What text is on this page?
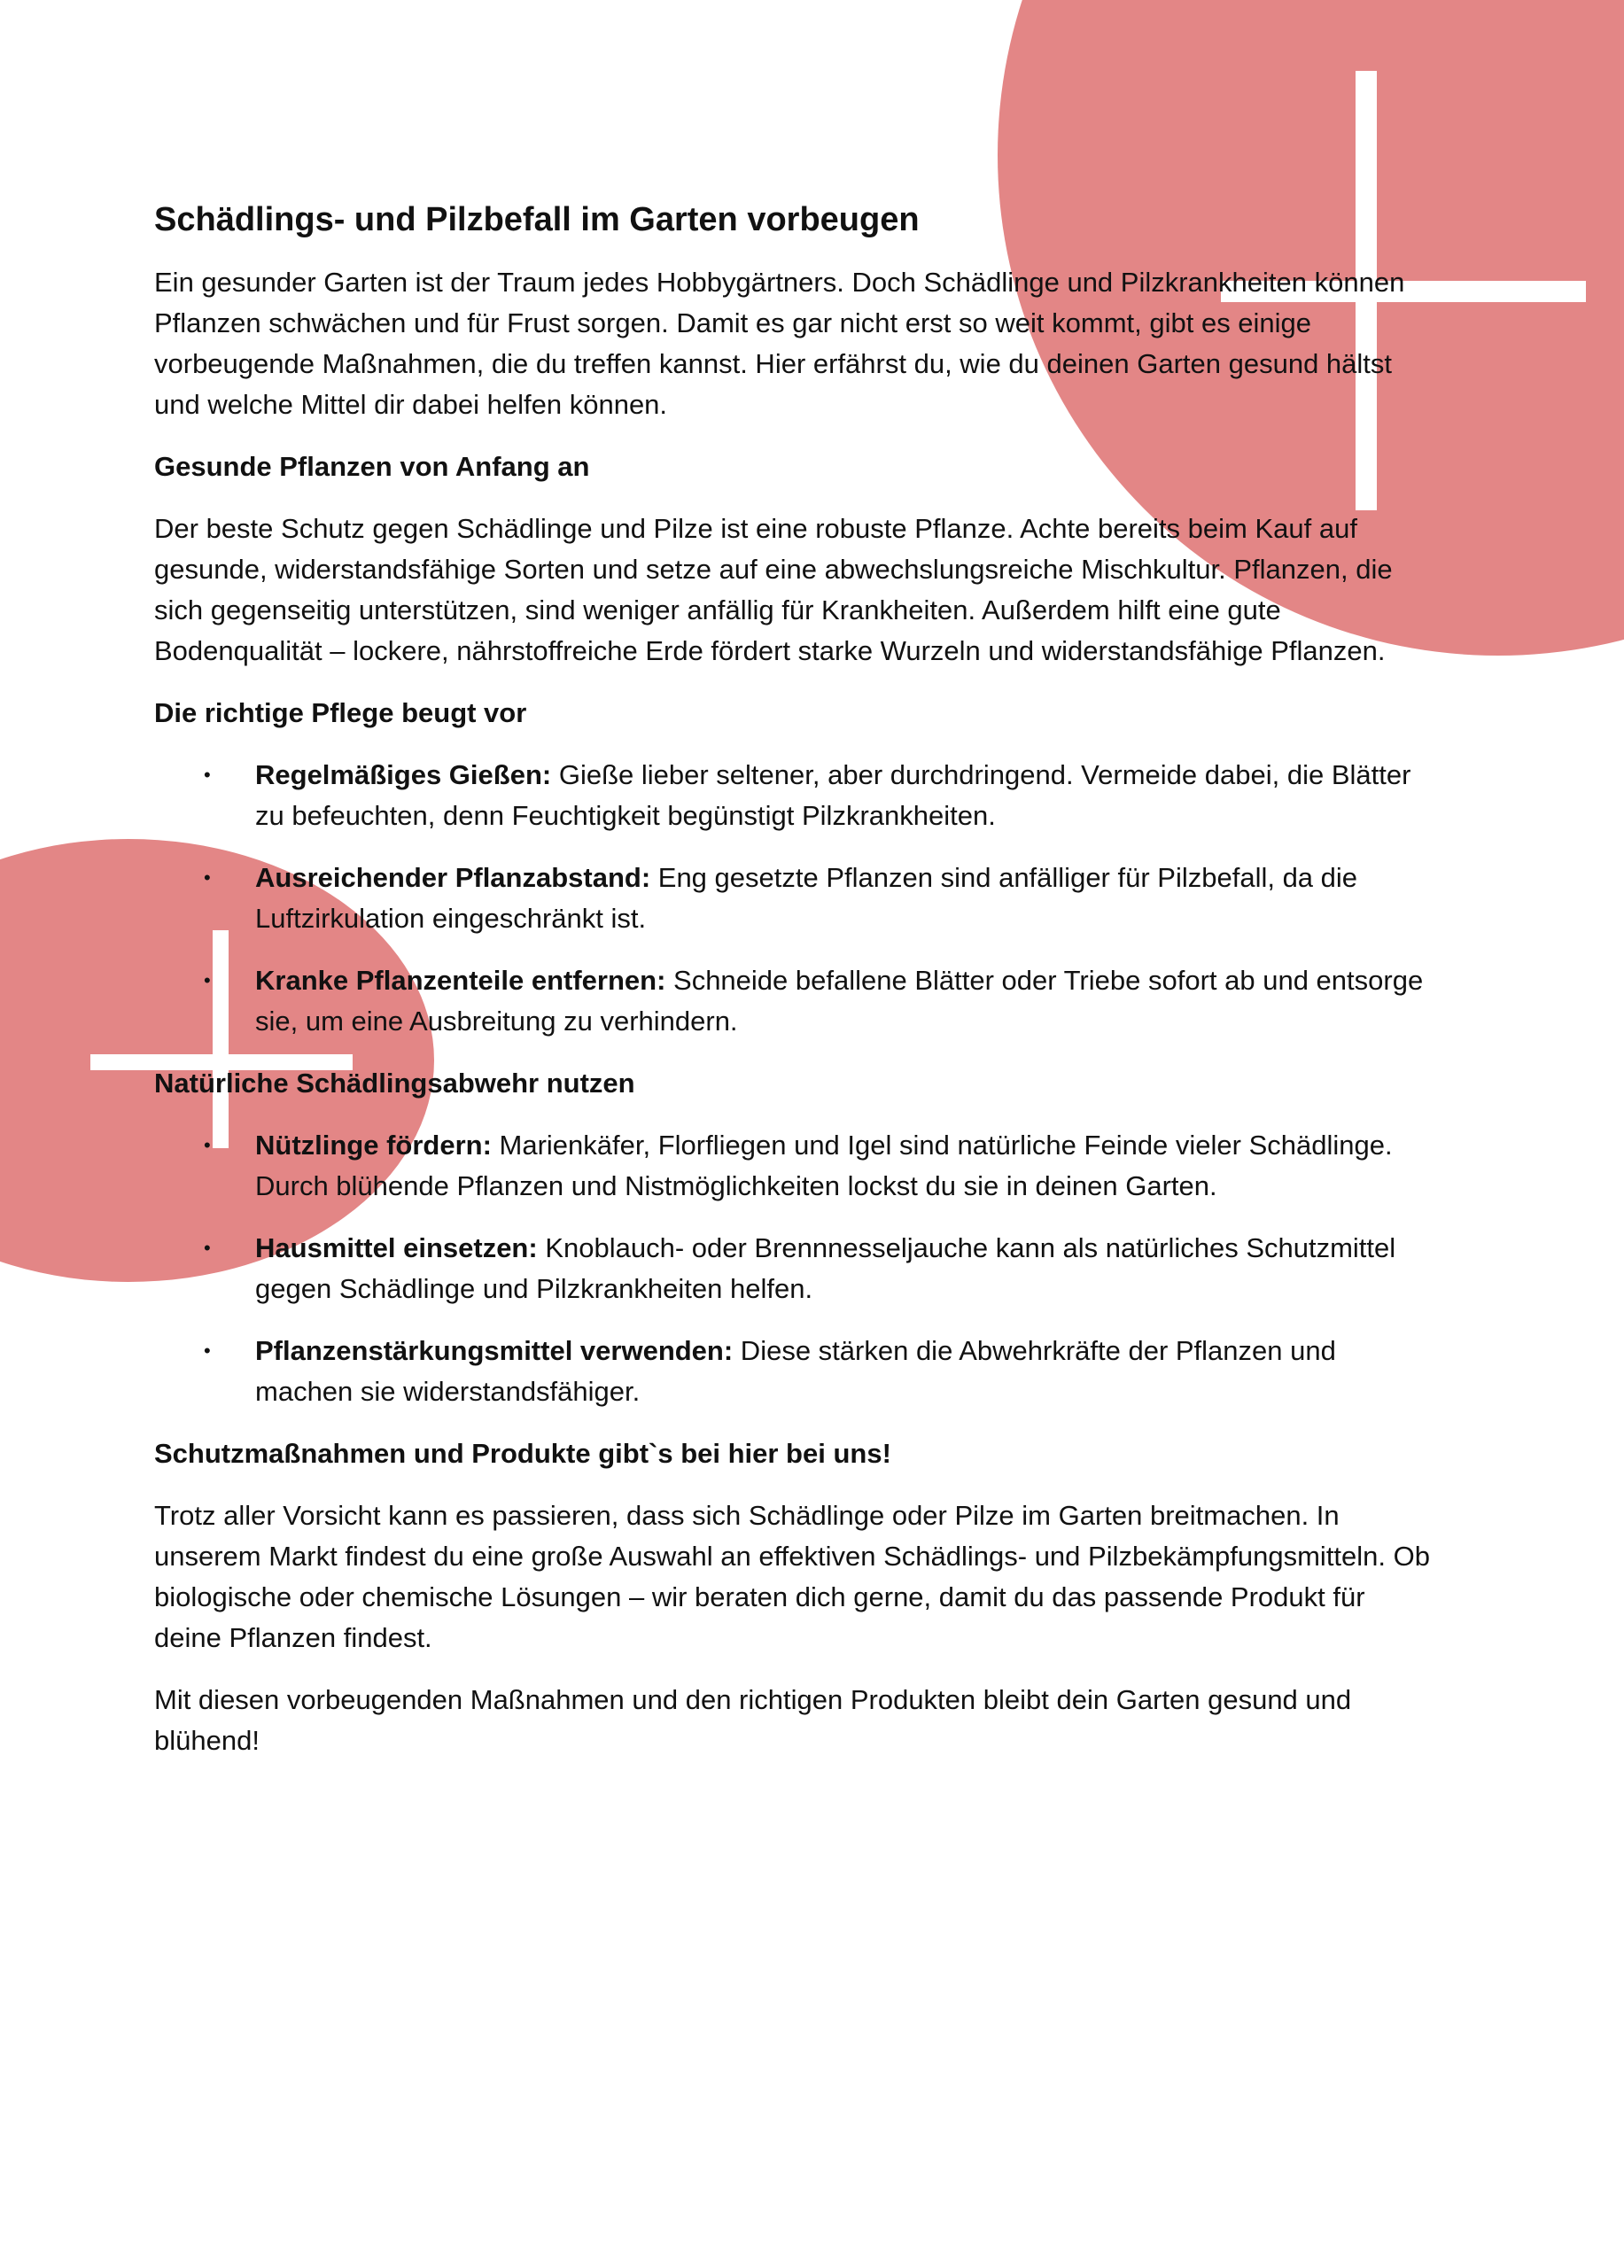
Schädlings- und Pilzbefall im Garten vorbeugen

Ein gesunder Garten ist der Traum jedes Hobbygärtners. Doch Schädlinge und Pilzkrankheiten können Pflanzen schwächen und für Frust sorgen. Damit es gar nicht erst so weit kommt, gibt es einige vorbeugende Maßnahmen, die du treffen kannst. Hier erfährst du, wie du deinen Garten gesund hältst und welche Mittel dir dabei helfen können.

Gesunde Pflanzen von Anfang an

Der beste Schutz gegen Schädlinge und Pilze ist eine robuste Pflanze. Achte bereits beim Kauf auf gesunde, widerstandsfähige Sorten und setze auf eine abwechslungsreiche Mischkultur. Pflanzen, die sich gegenseitig unterstützen, sind weniger anfällig für Krankheiten. Außerdem hilft eine gute Bodenqualität – lockere, nährstoffreiche Erde fördert starke Wurzeln und widerstandsfähige Pflanzen.

Die richtige Pflege beugt vor
• Regelmäßiges Gießen: Gieße lieber seltener, aber durchdringend. Vermeide dabei, die Blätter zu befeuchten, denn Feuchtigkeit begünstigt Pilzkrankheiten.
• Ausreichender Pflanzabstand: Eng gesetzte Pflanzen sind anfälliger für Pilzbefall, da die Luftzirkulation eingeschränkt ist.
• Kranke Pflanzenteile entfernen: Schneide befallene Blätter oder Triebe sofort ab und entsorge sie, um eine Ausbreitung zu verhindern.
Natürliche Schädlingsabwehr nutzen
• Nützlinge fördern: Marienkäfer, Florfliegen und Igel sind natürliche Feinde vieler Schädlinge. Durch blühende Pflanzen und Nistmöglichkeiten lockst du sie in deinen Garten.
• Hausmittel einsetzen: Knoblauch- oder Brennnesseljauche kann als natürliches Schutzmittel gegen Schädlinge und Pilzkrankheiten helfen.
• Pflanzenstärkungsmittel verwenden: Diese stärken die Abwehrkräfte der Pflanzen und machen sie widerstandsfähiger.
Schutzmaßnahmen und Produkte gibt`s bei hier bei uns!

Trotz aller Vorsicht kann es passieren, dass sich Schädlinge oder Pilze im Garten breitmachen. In unserem Markt findest du eine große Auswahl an effektiven Schädlings- und Pilzbekämpfungsmitteln. Ob biologische oder chemische Lösungen – wir beraten dich gerne, damit du das passende Produkt für deine Pflanzen findest.

Mit diesen vorbeugenden Maßnahmen und den richtigen Produkten bleibt dein Garten gesund und blühend!
